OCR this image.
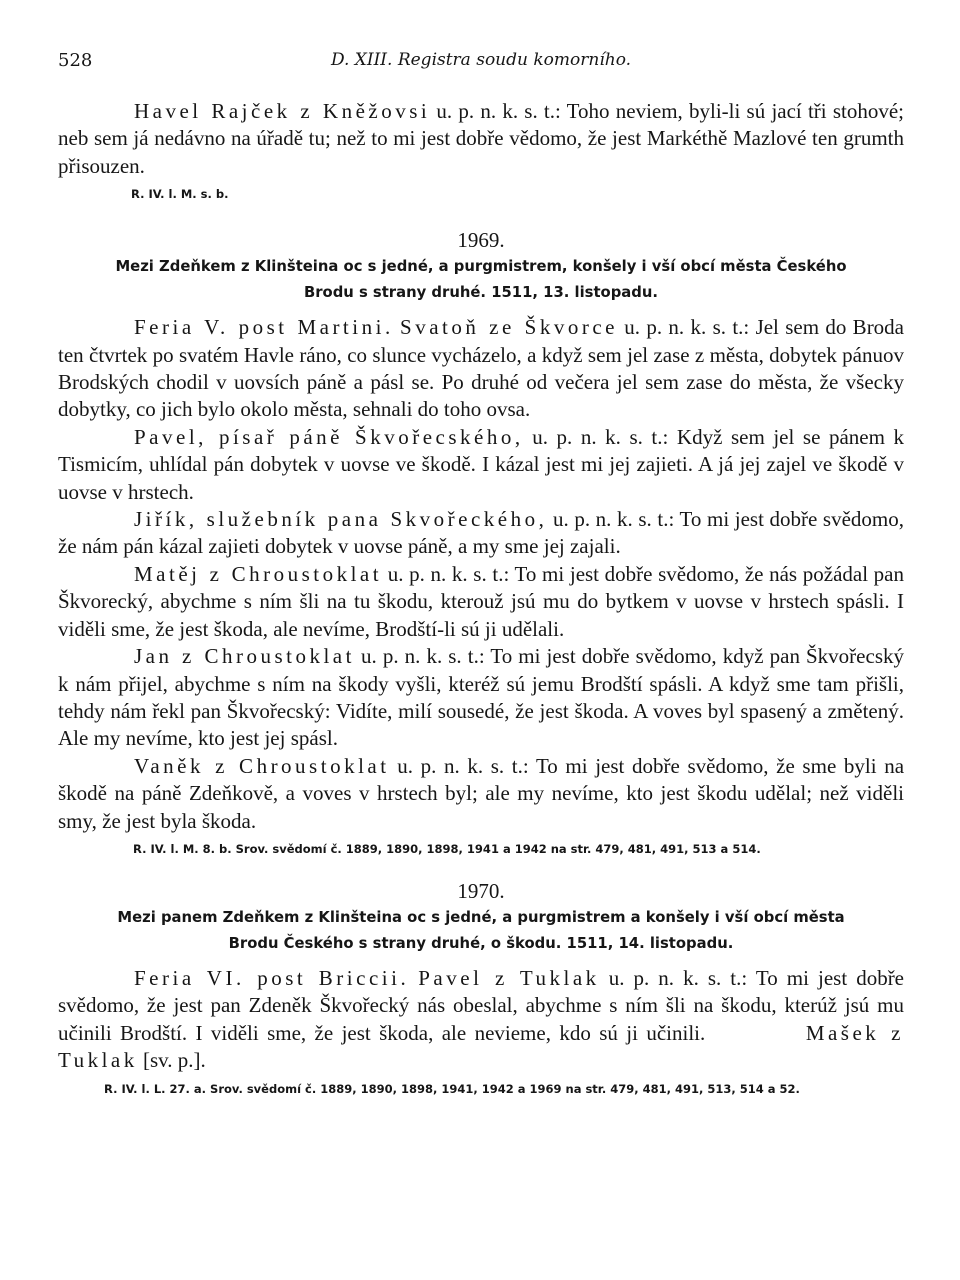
528	D. XIII. Registra soudu komorního.

Havel Rajček z Kněžovsi u. p. n. k. s. t.: Toho neviem, byli-li sú jací tři stohové; neb sem já nedávno na úřadě tu; než to mi jest dobře vědomo, že jest Markéthě Mazlové ten grumth přisouzen.

R. IV. l. M. s. b.

1969.

Mezi Zdeňkem z Klinšteina oc s jedné, a purgmistrem, konšely i vší obcí města Českého

Brodu s strany druhé. 1511, 13. listopadu.

Feria V. post Martini. Svatoň ze Škvorce u. p. n. k. s. t.: Jel sem do Broda ten čtvrtek po svatém Havle ráno, co slunce vycházelo, a když sem jel zase z města, dobytek pánuov Brodských chodil v uovsích páně a pásl se. Po druhé od večera jel sem zase do města, že všecky dobytky, co jich bylo okolo města, sehnali do toho ovsa.

Pavel, písař páně Škvořecského, u. p. n. k. s. t.: Když sem jel se pánem k Tismicím, uhlídal pán dobytek v uovse ve škodě. I kázal jest mi jej zajieti. A já jej zajel ve škodě v uovse v hrstech.

Jiřík, služebník pana Skvořeckého, u. p. n. k. s. t.: To mi jest dobře svědomo, že nám pán kázal zajieti dobytek v uovse páně, a my sme jej zajali.

Matěj z Chroustoklat u. p. n. k. s. t.: To mi jest dobře svědomo, že nás požádal pan Škvorecký, abychme s ním šli na tu škodu, kterouž jsú mu do bytkem v uovse v hrstech spásli. I viděli sme, že jest škoda, ale nevíme, Brodští-li sú ji udělali.

Jan z Chroustoklat u. p. n. k. s. t.: To mi jest dobře svědomo, když pan Škvořecský k nám přijel, abychme s ním na škody vyšli, kteréž sú jemu Brodští spásli. A když sme tam přišli, tehdy nám řekl pan Škvořecský: Vidíte, milí sousedé, že jest škoda. A voves byl spasený a změtený. Ale my nevíme, kto jest jej spásl.

Vaněk z Chroustoklat u. p. n. k. s. t.: To mi jest dobře svědomo, že sme byli na škodě na páně Zdeňkově, a voves v hrstech byl; ale my nevíme, kto jest škodu udělal; než viděli smy, že jest byla škoda.

R. IV. l. M. 8. b. Srov. svědomí č. 1889, 1890, 1898, 1941 a 1942 na str. 479, 481, 491, 513 a 514.

1970.

Mezi panem Zdeňkem z Klinšteina oc s jedné, a purgmistrem a konšely i vší obcí města

Brodu Českého s strany druhé, o škodu. 1511, 14. listopadu.

Feria VI. post Briccii. Pavel z Tuklak u. p. n. k. s. t.: To mi jest dobře svědomo, že jest pan Zdeněk Škvořecký nás obeslal, abychme s ním šli na škodu, kterúž jsú mu učinili Brodští. I viděli sme, že jest škoda, ale nevieme, kdo sú ji učinili.	Mašek z Tuklak [sv. p.].

R. IV. l. L. 27. a. Srov. svědomí č. 1889, 1890, 1898, 1941, 1942 a 1969 na str. 479, 481, 491, 513, 514 a 52.
